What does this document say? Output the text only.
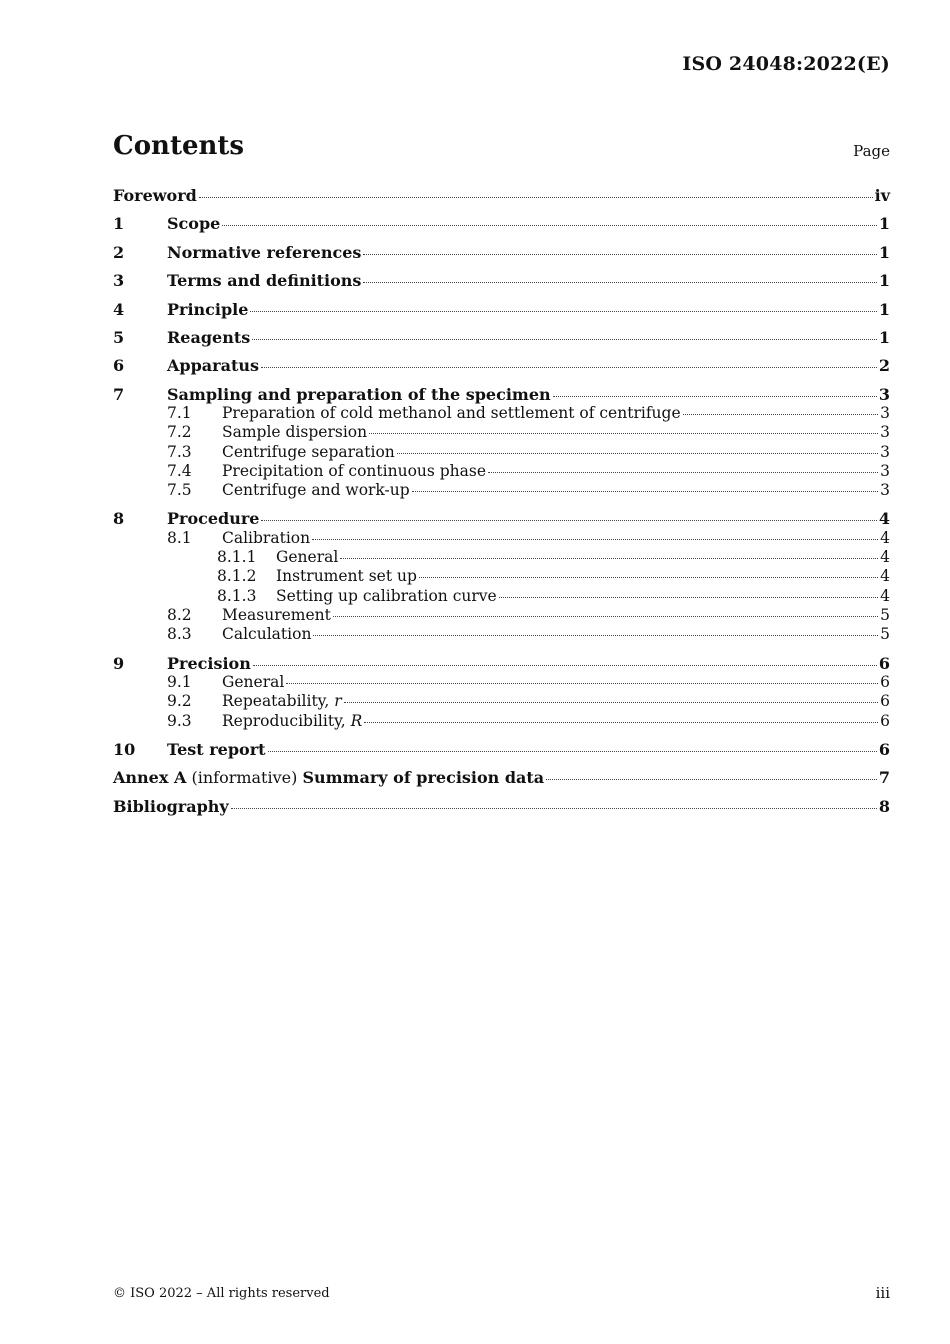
ISO 24048:2022(E)
Contents	Page
Foreword	iv
1	Scope	1
2	Normative references	1
3	Terms and definitions	1
4	Principle	1
5	Reagents	1
6	Apparatus	2
7	Sampling and preparation of the specimen	3
7.1	Preparation of cold methanol and settlement of centrifuge	3
7.2	Sample dispersion	3
7.3	Centrifuge separation	3
7.4	Precipitation of continuous phase	3
7.5	Centrifuge and work-up	3
8	Procedure	4
8.1	Calibration	4
8.1.1	General	4
8.1.2	Instrument set up	4
8.1.3	Setting up calibration curve	4
8.2	Measurement	5
8.3	Calculation	5
9	Precision	6
9.1	General	6
9.2	Repeatability, r	6
9.3	Reproducibility, R	6
10	Test report	6
Annex A (informative) Summary of precision data	7
Bibliography	8
© ISO 2022 – All rights reserved	iii
